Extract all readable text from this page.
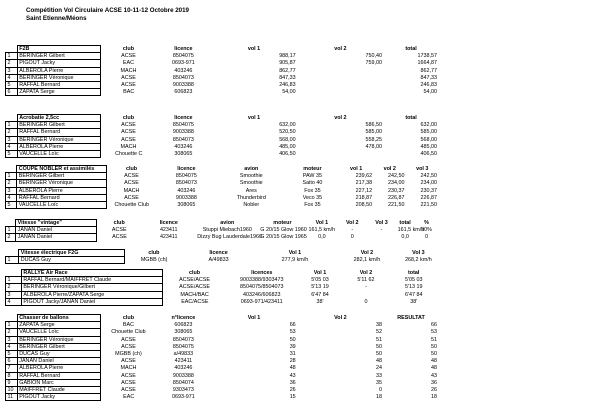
Compétition Vol Circulaire ACSE 10-11-12 Octobre 2019
Saint Etienne/Méons
	F2B	club	licence	vol 1	vol 2	total
1	BERINGER Gilbert	ACSE	8504075	988,17	750,40	1738,57
2	PIGOUT Jacky	EAC	0693-971	905,87	759,00	1664,87
3	ALBEROLA Pierre	MACH	403246	862,77		862,77
4	BERINGER Véronique	ACSE	8504073	847,33		847,33
5	RAFFAL Bernard	ACSE	9003388	246,83		246,83
6	ZAPATA Serge	BAC	606823	54,00		54,00
	Acrobatie 2,5cc	club	licence	vol 1	vol 2	total
1	BERINGER Gilbert	ACSE	8504075	632,00	586,50	632,00
2	RAFFAL Bernard	ACSE	9003388	520,50	585,00	585,00
3	BERINGER Véronique	ACSE	8504073	568,00	558,25	568,00
4	ALBEROLA Pierre	MACH	403246	485,00	478,00	485,00
5	VAUCELLE Loïc	Chouette C	308065	406,50		406,50
	COUPE NOBLER et assimilés	club	licence	avion	moteur	vol 1	vol 2	vol 3
1	BERINGER Gilbert	ACSE	8504075	Smoothie	PAW 35	239,62	242,50	242,50
2	BERINGER Véronique	ACSE	8504073	Smoothie	Saito 40	217,38	234,00	234,00
3	ALBEROLA Pierre	MACH	403246	Ares	Fox 35	227,12	230,37	230,37
4	RAFFAL Bernard	ACSE	9003388	Thunderbird	Veco 35	218,87	226,87	226,87
5	VAUCELLE Loïc	Chouette Club	308065	Nobler	Fox 35	208,50	221,50	221,50
	Vitesse "vintage"	club	licence	avion	moteur	Vol 1	Vol 2	Vol 3	total	%
1	JANAN Daniel	ACSE	423411	Stuppi Miebach1960	G 20/15 Glow 1960	161,5 km/h	-	-	161,5 km/h	90%
2	JANAN Daniel	ACSE	423411	Dizzy Bug Lauderdale1960	G 20/15 Glow 1965	0,0	0		0,0	0
	Vitesse électrique F2G	club	licence	Vol 1	Vol 2	Vol 3
1	DUCAS Guy	MGBB (ch)	A/49833	277,9 km/h	282,1 km/h	268,2 km/h
	RALLYE Air Race	club	licences	Vol 1	Vol 2	total
1	RAFFAL Bernard/MAIFFRET Claude	ACSE/ACSE	9003388/9303473	5'05 03	5'11 62	5'05 03
2	BERINGER Véronique/Gilbert	ACSE/ACSE	8504075/8504073	5'13 19	-	5'13 19
3	ALBEROLA Pierre/ZAPATA Serge	MACH/BAC	403246/606823	6'47 84		6'47 84
4	PIGOUT Jacky/JANAN Daniel	EAC/ACSE	0693-971/423411	38'	0	38'
	Chasser de ballons	club	n°licence	Vol 1	Vol 2	RESULTAT
1	ZAPATA Serge	BAC	606823	66	38	66
2	VAUCELLE Loïc	Chouette Club	308065	53	52	53
3	BERINGER Véronique	ACSE	8504073	50	51	51
4	BERINGER Gilbert	ACSE	8504075	39	50	50
5	DUCAS Guy	MGBB (ch)	a/49833	31	50	50
6	JANAN Daniel	ACSE	423411	28	48	48
7	ALBEROLA Pierre	MACH	403246	48	24	48
8	RAFFAL Bernard	ACSE	9003388	43	33	43
9	GABION Marc	ACSE	8504074	36	35	36
10	MAIFFRET Claude	ACSE	9303473	26	0	26
11	PIGOUT Jacky	EAC	0693-971	15	18	18
